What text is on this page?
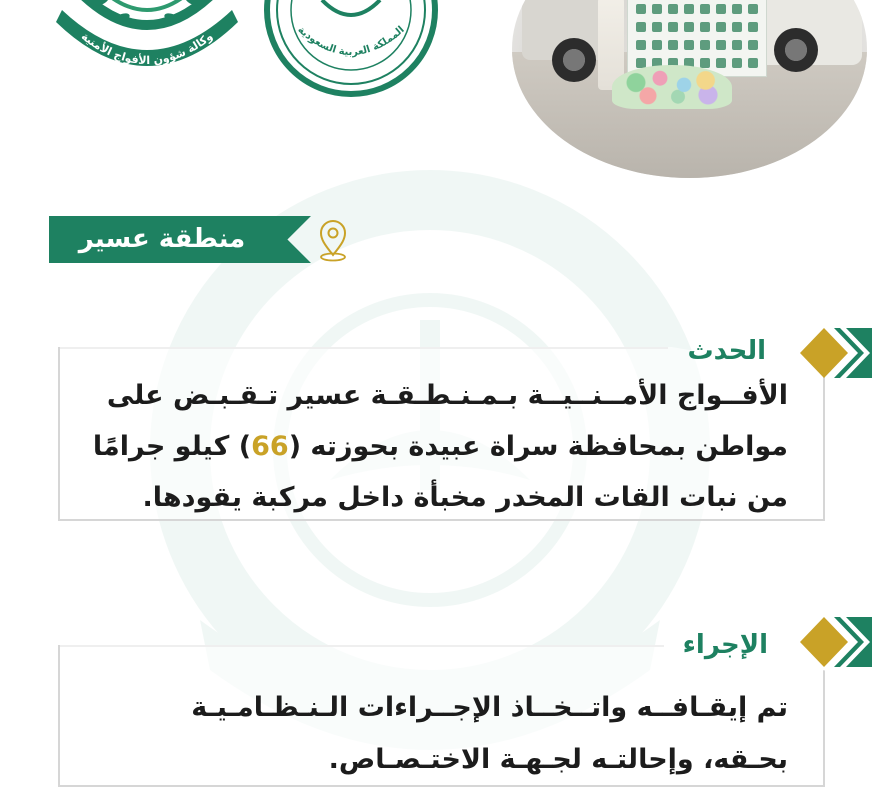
وكالة شؤون الأفواج الأمنية	المملكة العربية السعودية
منطقة عسير
الحدث
الأفــواج الأمــنــيــة بـمـنـطـقـة عسير تـقـبـض على
مواطن بمحافظة سراة عبيدة بحوزته (66) كيلو جرامًا
من نبات القات المخدر مخبأة داخل مركبة يقودها.
الإجراء
تم إيقـافــه واتــخــاذ الإجــراءات الـنـظـامـيـة
بحـقه، وإحالتـه لجـهـة الاختـصـاص.
